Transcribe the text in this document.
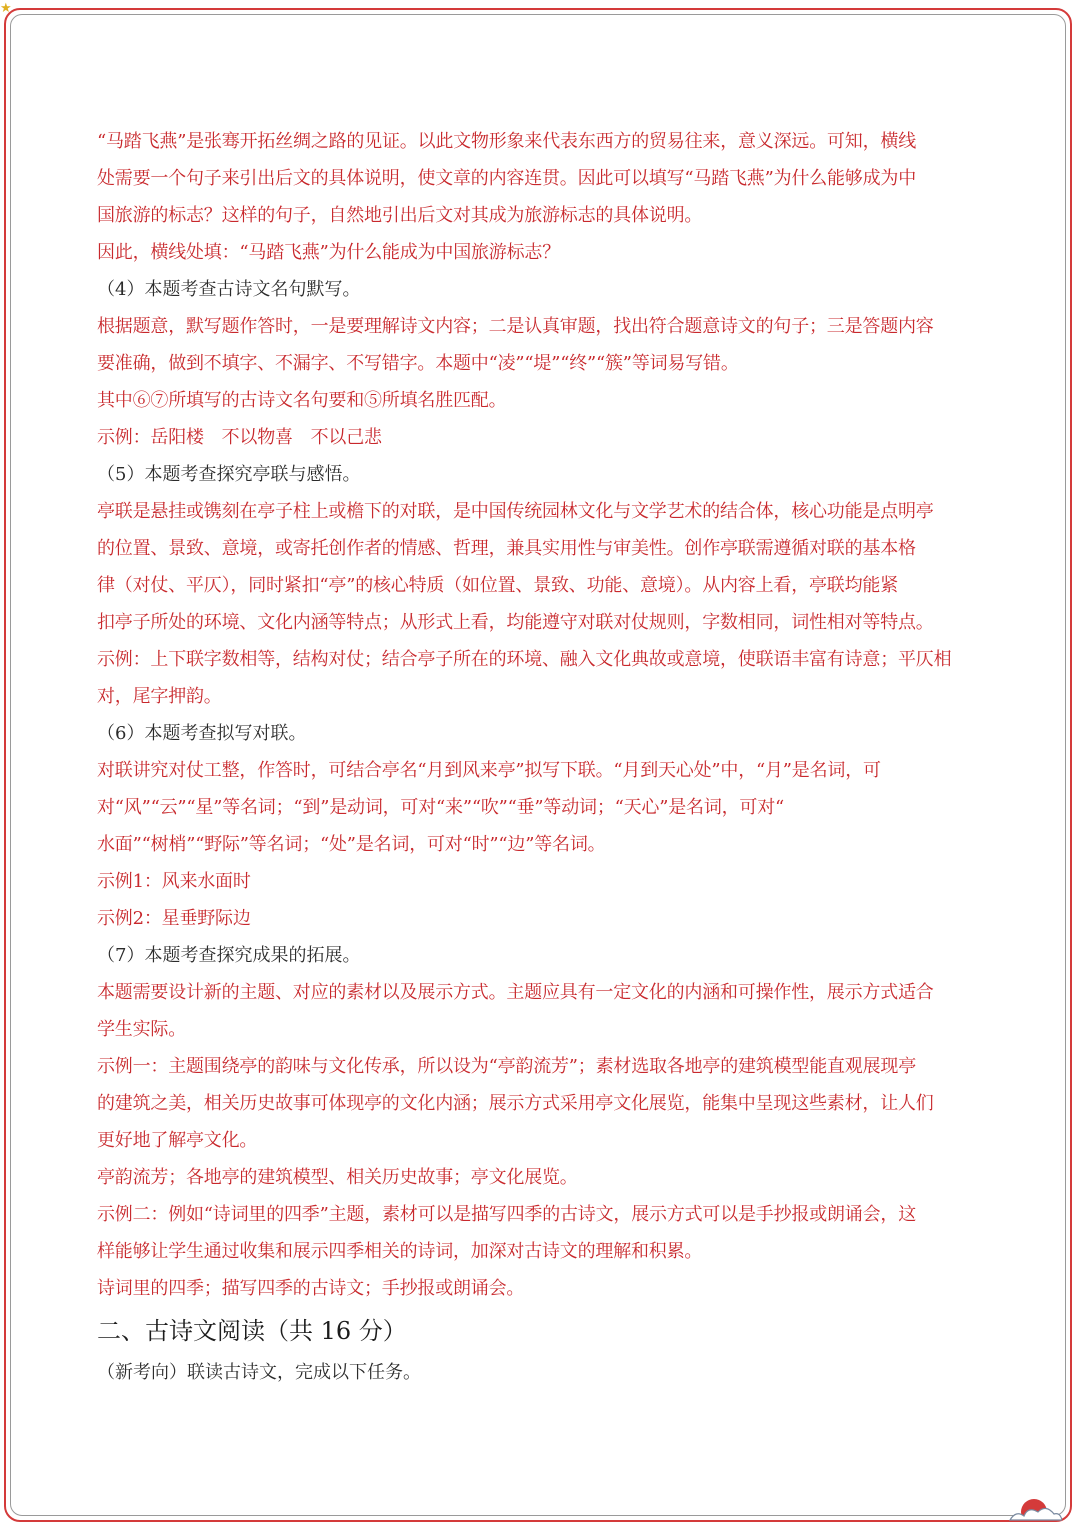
★
“马踏飞燕”是张骞开拓丝绸之路的见证。以此文物形象来代表东西方的贸易往来，意义深远。可知，横线
处需要一个句子来引出后文的具体说明，使文章的内容连贯。因此可以填写“马踏飞燕”为什么能够成为中
国旅游的标志？这样的句子，自然地引出后文对其成为旅游标志的具体说明。
因此，横线处填：“马踏飞燕”为什么能成为中国旅游标志？
（4）本题考查古诗文名句默写。
根据题意，默写题作答时，一是要理解诗文内容；二是认真审题，找出符合题意诗文的句子；三是答题内容
要准确，做到不填字、不漏字、不写错字。本题中“凌”“堤”“终”“簇”等词易写错。
其中⑥⑦所填写的古诗文名句要和⑤所填名胜匹配。
示例：岳阳楼　不以物喜　不以己悲
（5）本题考查探究亭联与感悟。
亭联是悬挂或镌刻在亭子柱上或檐下的对联，是中国传统园林文化与文学艺术的结合体，核心功能是点明亭
的位置、景致、意境，或寄托创作者的情感、哲理，兼具实用性与审美性。创作亭联需遵循对联的基本格
律（对仗、平仄），同时紧扣“亭”的核心特质（如位置、景致、功能、意境）。从内容上看，亭联均能紧
扣亭子所处的环境、文化内涵等特点；从形式上看，均能遵守对联对仗规则，字数相同，词性相对等特点。
示例：上下联字数相等，结构对仗；结合亭子所在的环境、融入文化典故或意境，使联语丰富有诗意；平仄相
对，尾字押韵。
（6）本题考查拟写对联。
对联讲究对仗工整，作答时，可结合亭名“月到风来亭”拟写下联。“月到天心处”中，“月”是名词，可
对“风”“云”“星”等名词；“到”是动词，可对“来”“吹”“垂”等动词；“天心”是名词，可对“
水面”“树梢”“野际”等名词；“处”是名词，可对“时”“边”等名词。
示例1：风来水面时
示例2：星垂野际边
（7）本题考查探究成果的拓展。
本题需要设计新的主题、对应的素材以及展示方式。主题应具有一定文化的内涵和可操作性，展示方式适合
学生实际。
示例一：主题围绕亭的韵味与文化传承，所以设为“亭韵流芳”；素材选取各地亭的建筑模型能直观展现亭
的建筑之美，相关历史故事可体现亭的文化内涵；展示方式采用亭文化展览，能集中呈现这些素材，让人们
更好地了解亭文化。
亭韵流芳；各地亭的建筑模型、相关历史故事；亭文化展览。
示例二：例如“诗词里的四季”主题，素材可以是描写四季的古诗文，展示方式可以是手抄报或朗诵会，这
样能够让学生通过收集和展示四季相关的诗词，加深对古诗文的理解和积累。
诗词里的四季；描写四季的古诗文；手抄报或朗诵会。
二、古诗文阅读（共 16 分）
（新考向）联读古诗文，完成以下任务。
